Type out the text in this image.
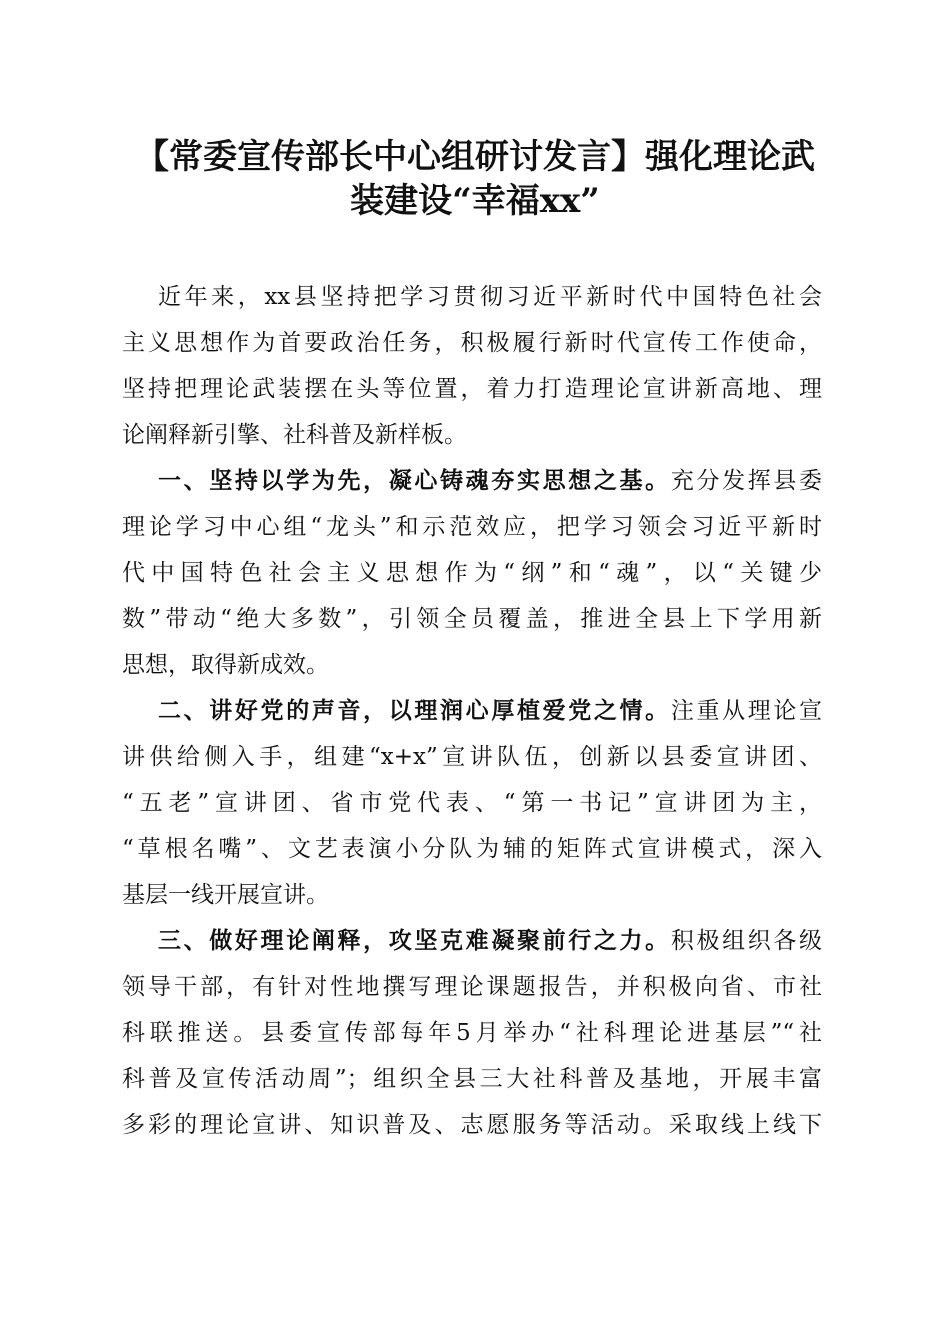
【常委宣传部长中心组研讨发言】强化理论武
装建设“幸福xx”
近年来，xx县坚持把学习贯彻习近平新时代中国特色社会
主义思想作为首要政治任务，积极履行新时代宣传工作使命，
坚持把理论武装摆在头等位置，着力打造理论宣讲新高地、理
论阐释新引擎、社科普及新样板。
一、坚持以学为先，凝心铸魂夯实思想之基。充分发挥县委
理论学习中心组“龙头”和示范效应，把学习领会习近平新时
代中国特色社会主义思想作为“纲”和“魂”，以“关键少
数”带动“绝大多数”，引领全员覆盖，推进全县上下学用新
思想，取得新成效。
二、讲好党的声音，以理润心厚植爱党之情。注重从理论宣
讲供给侧入手，组建“x+x”宣讲队伍，创新以县委宣讲团、
“五老”宣讲团、省市党代表、“第一书记”宣讲团为主，
“草根名嘴”、文艺表演小分队为辅的矩阵式宣讲模式，深入
基层一线开展宣讲。
三、做好理论阐释，攻坚克难凝聚前行之力。积极组织各级
领导干部，有针对性地撰写理论课题报告，并积极向省、市社
科联推送。县委宣传部每年5月举办“社科理论进基层”“社
科普及宣传活动周”；组织全县三大社科普及基地，开展丰富
多彩的理论宣讲、知识普及、志愿服务等活动。采取线上线下
